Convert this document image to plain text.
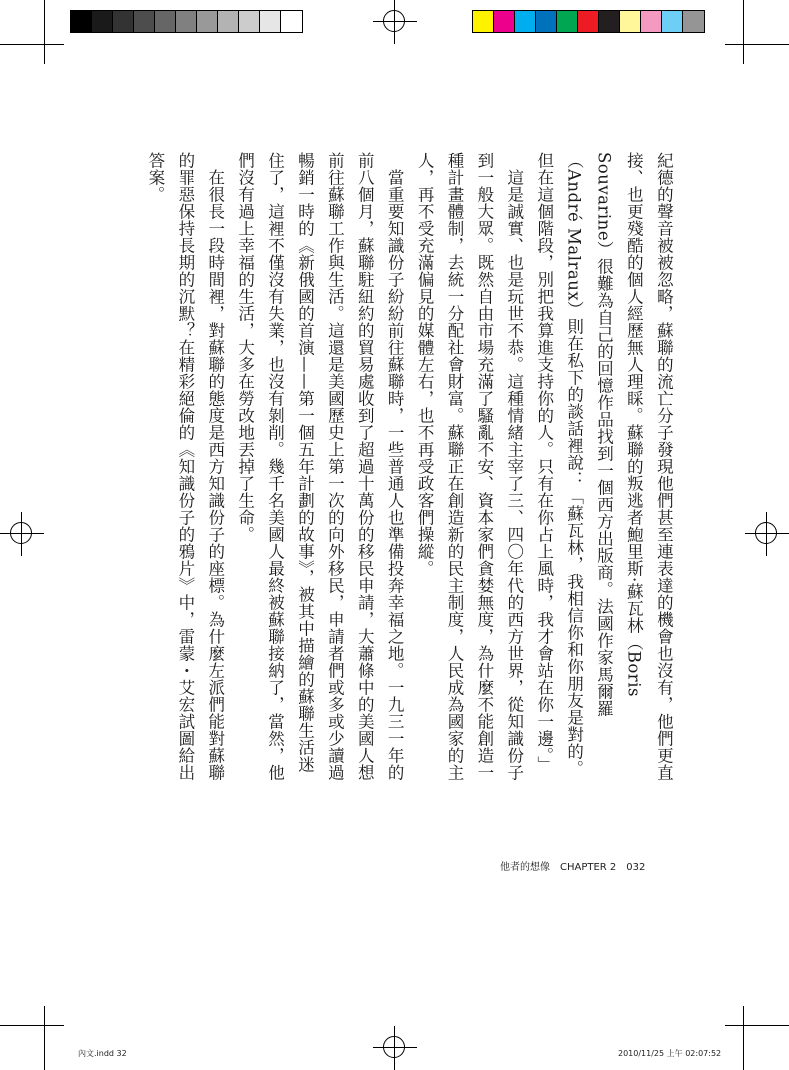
紀德的聲音被被忽略，蘇聯的流亡分子發現他們甚至連表達的機會也沒有，他們更直接、也更殘酷的個人經歷無人理睬。蘇聯的叛逃者鮑里斯·蘇瓦林（Boris Souvarine）很難為自己的回憶作品找到一個西方出版商。法國作家馬爾羅（André Malraux）則在私下的談話裡說：「蘇瓦林，我相信你和你朋友是對的。但在這個階段，別把我算進支持你的人。只有在你占上風時，我才會站在你一邊。」

這是誠實、也是玩世不恭。這種情緒主宰了三、四〇年代的西方世界，從知識份子到一般大眾。既然自由市場充滿了騷亂不安、資本家們貪婪無度，為什麼不能創造一種計畫體制，去統一分配社會財富。蘇聯正在創造新的民主制度，人民成為國家的主人，再不受充滿偏見的媒體左右，也不再受政客們操縱。

當重要知識份子紛紛前往蘇聯時，一些普通人也準備投奔幸福之地。一九三一年的前八個月，蘇聯駐紐約的貿易處收到了超過十萬份的移民申請，大蕭條中的美國人想前往蘇聯工作與生活。這還是美國歷史上第一次的向外移民，申請者們或多或少讀過暢銷一時的《新俄國的首演——第一個五年計劃的故事》，被其中描繪的蘇聯生活迷住了，這裡不僅沒有失業，也沒有剝削。幾千名美國人最終被蘇聯接納了，當然，他們沒有過上幸福的生活，大多在勞改地丟掉了生命。

在很長一段時間裡，對蘇聯的態度是西方知識份子的座標。為什麼左派們能對蘇聯的罪惡保持長期的沉默？在精彩絕倫的《知識份子的鴉片》中，雷蒙・艾宏試圖給出答案。

他者的想像　CHAPTER 2　032
內文.indd 32	2010/11/25 上午 02:07:52
